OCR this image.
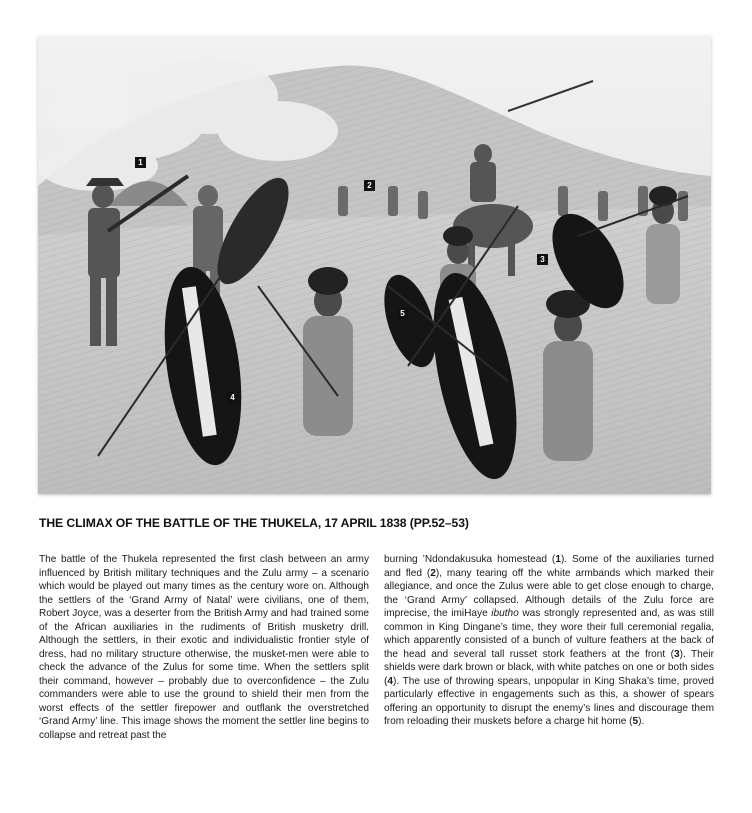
1
2
3
4
5
THE CLIMAX OF THE BATTLE OF THE THUKELA, 17 APRIL 1838 (PP.52–53)

The battle of the Thukela represented the first clash between an army influenced by British military techniques and the Zulu army – a scenario which would be played out many times as the century wore on. Although the settlers of the ‘Grand Army of Natal’ were civilians, one of them, Robert Joyce, was a deserter from the British Army and had trained some of the African auxiliaries in the rudiments of British musketry drill. Although the settlers, in their exotic and individualistic frontier style of dress, had no military structure otherwise, the musket-men were able to check the advance of the Zulus for some time. When the settlers split their command, however – probably due to overconfidence – the Zulu commanders were able to use the ground to shield their men from the worst effects of the settler firepower and outflank the overstretched ‘Grand Army’ line. This image shows the moment the settler line begins to collapse and retreat past the

burning ’Ndondakusuka homestead (1). Some of the auxiliaries turned and fled (2), many tearing off the white armbands which marked their allegiance, and once the Zulus were able to get close enough to charge, the ‘Grand Army’ collapsed. Although details of the Zulu force are imprecise, the imiHaye ibutho was strongly represented and, as was still common in King Dingane’s time, they wore their full ceremonial regalia, which apparently consisted of a bunch of vulture feathers at the back of the head and several tall russet stork feathers at the front (3). Their shields were dark brown or black, with white patches on one or both sides (4). The use of throwing spears, unpopular in King Shaka’s time, proved particularly effective in engagements such as this, a shower of spears offering an opportunity to disrupt the enemy’s lines and discourage them from reloading their muskets before a charge hit home (5).
